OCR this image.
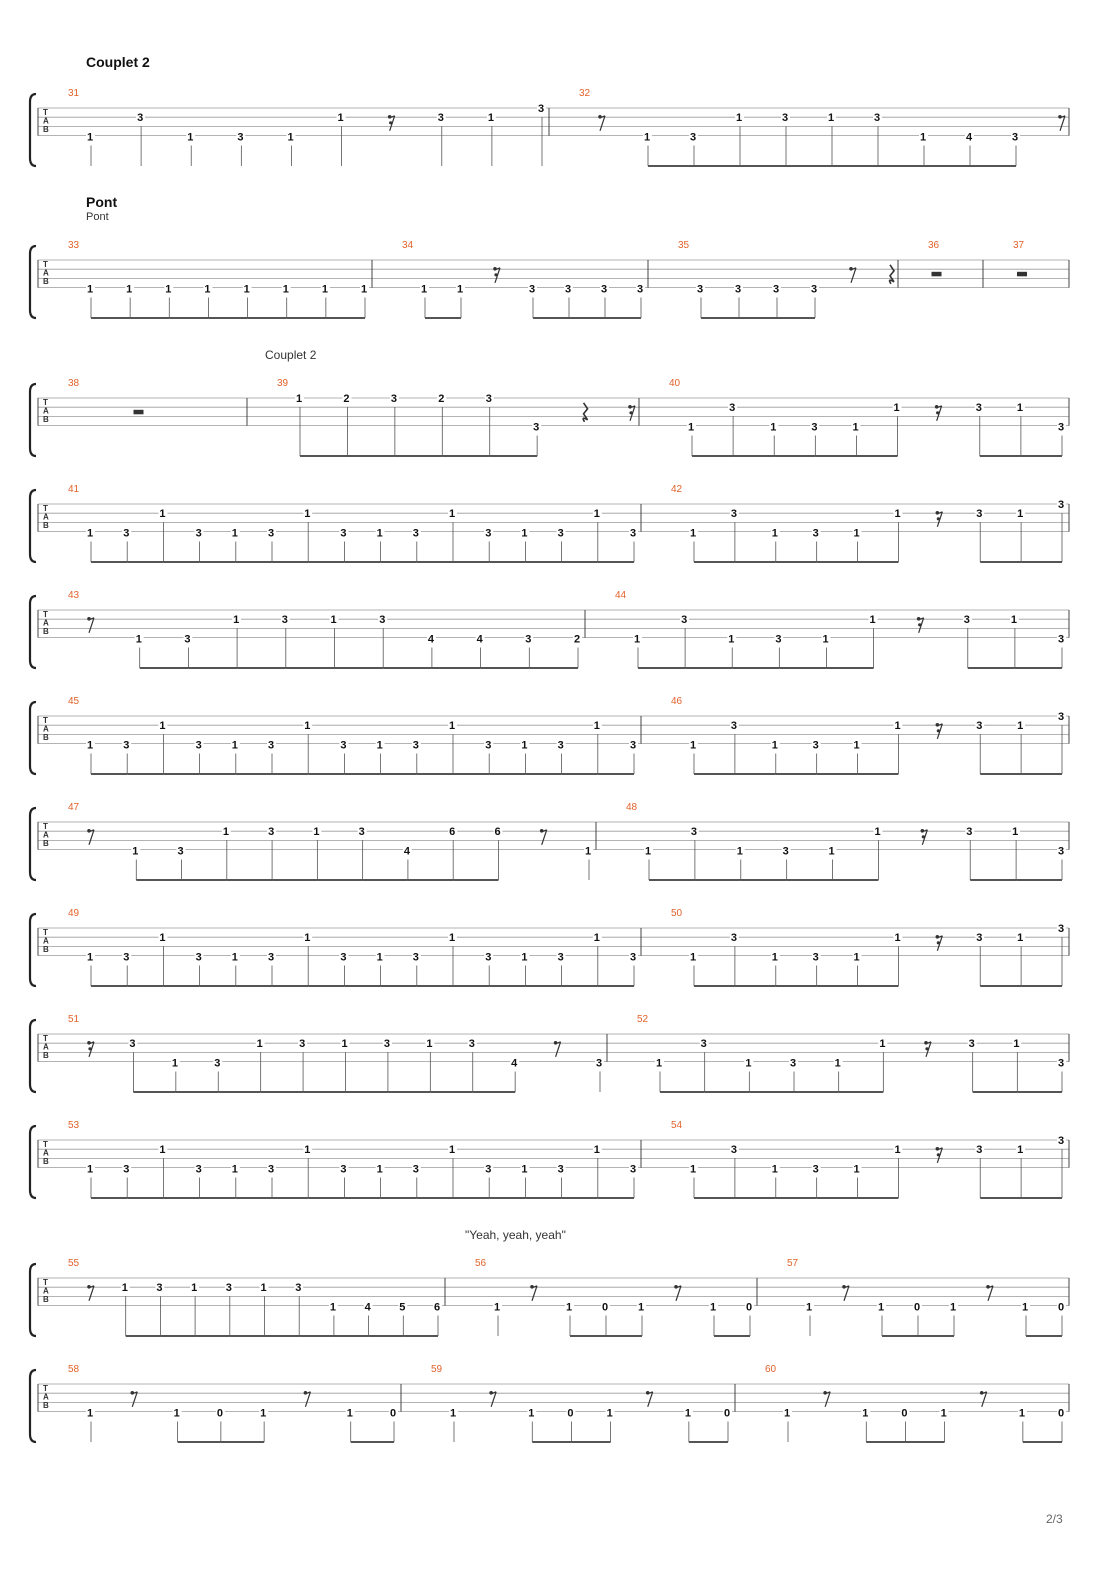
Couplet 2
Pont
Pont
Couplet 2
"Yeah, yeah, yeah"
2/3
T
A
B
31
1
3
1	3	1
1	3	1
3
32
1	3
1	3	1	3
1	4	3
T
A
B
33
1	1	1	1	1	1	1	1
34
1	1	3	3	3	3
35
3	3	3	3
36	37
T
A
B
38	39
1	2	3	2	3
3
40
1
3
1	3	1
1	3	1
3
T
A
B
41
1	3
1
3	1	3
1
3	1	3
1
3	1	3
1
3
42
1
3
1	3	1
1	3	1
3
T
A
B
43
1	3
1	3	1	3
4	4	3	2
44
1
3
1	3	1
1	3	1
3
T
A
B
45
1	3
1
3	1	3
1
3	1	3
1
3	1	3
1
3
46
1
3
1	3	1
1	3	1
3
T
A
B
47
1	3
1	3	1	3
4
6	6
1
48
1
3
1	3	1
1	3	1
3
T
A
B
49
1	3
1
3	1	3
1
3	1	3
1
3	1	3
1
3
50
1
3
1	3	1
1	3	1
3
T
A
B
51
3
1	3
1	3	1	3	1	3
4	3
52
1
3
1	3	1
1	3	1
3
T
A
B
53
1	3
1
3	1	3
1
3	1	3
1
3	1	3
1
3
54
1
3
1	3	1
1	3	1
3
T
A
B
55
1	3	1	3	1	3
1	4	5	6
56
1	1	0	1	1	0
57
1	1	0	1	1	0
T
A
B
58
1	1	0	1	1	0
59
1	1	0	1	1	0
60
1	1	0	1	1	0
